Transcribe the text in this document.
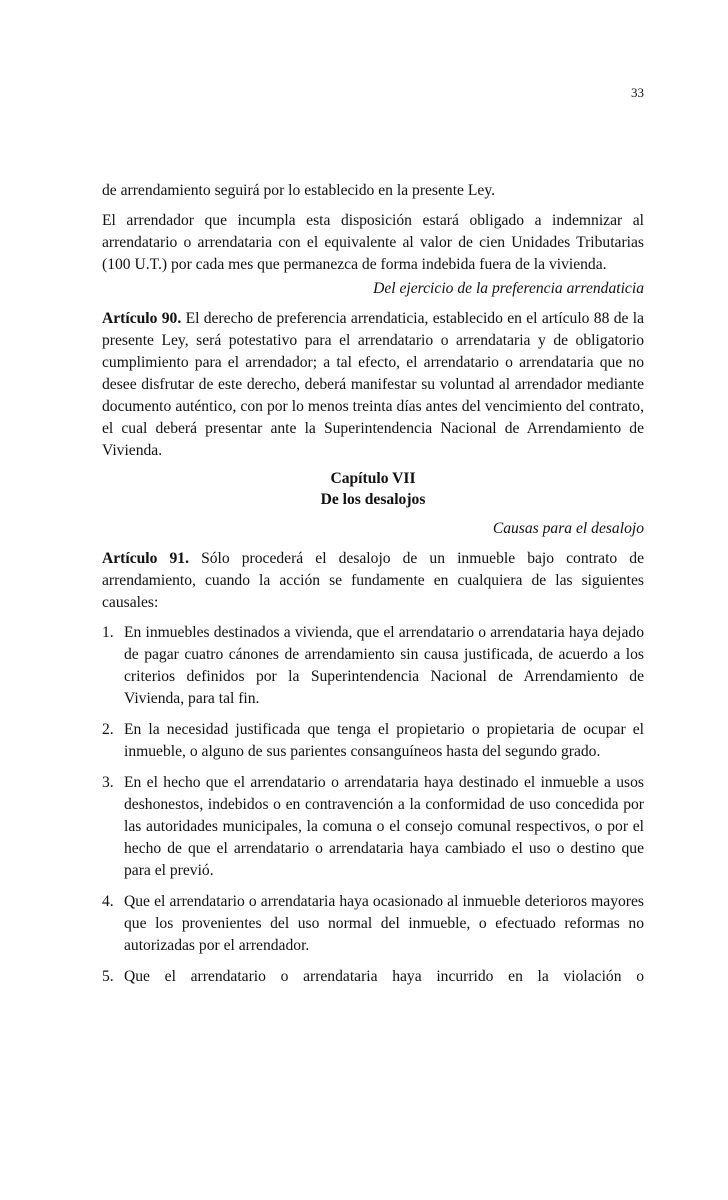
33

de arrendamiento seguirá por lo establecido en la presente Ley.

El arrendador que incumpla esta disposición estará obligado a indemnizar al arrendatario o arrendataria con el equivalente al valor de cien Unidades Tributarias (100 U.T.) por cada mes que permanezca de forma indebida fuera de la vivienda.

Del ejercicio de la preferencia arrendaticia

Artículo 90. El derecho de preferencia arrendaticia, establecido en el artículo 88 de la presente Ley, será potestativo para el arrendatario o arrendataria y de obligatorio cumplimiento para el arrendador; a tal efecto, el arrendatario o arrendataria que no desee disfrutar de este derecho, deberá manifestar su voluntad al arrendador mediante documento auténtico, con por lo menos treinta días antes del vencimiento del contrato, el cual deberá presentar ante la Superintendencia Nacional de Arrendamiento de Vivienda.

Capítulo VII
De los desalojos

Causas para el desalojo

Artículo 91. Sólo procederá el desalojo de un inmueble bajo contrato de arrendamiento, cuando la acción se fundamente en cualquiera de las siguientes causales:

1. En inmuebles destinados a vivienda, que el arrendatario o arrendataria haya dejado de pagar cuatro cánones de arrendamiento sin causa justificada, de acuerdo a los criterios definidos por la Superintendencia Nacional de Arrendamiento de Vivienda, para tal fin.
2. En la necesidad justificada que tenga el propietario o propietaria de ocupar el inmueble, o alguno de sus parientes consanguíneos hasta del segundo grado.
3. En el hecho que el arrendatario o arrendataria haya destinado el inmueble a usos deshonestos, indebidos o en contravención a la conformidad de uso concedida por las autoridades municipales, la comuna o el consejo comunal respectivos, o por el hecho de que el arrendatario o arrendataria haya cambiado el uso o destino que para el previó.
4. Que el arrendatario o arrendataria haya ocasionado al inmueble deterioros mayores que los provenientes del uso normal del inmueble, o efectuado reformas no autorizadas por el arrendador.
5. Que el arrendatario o arrendataria haya incurrido en la violación o
